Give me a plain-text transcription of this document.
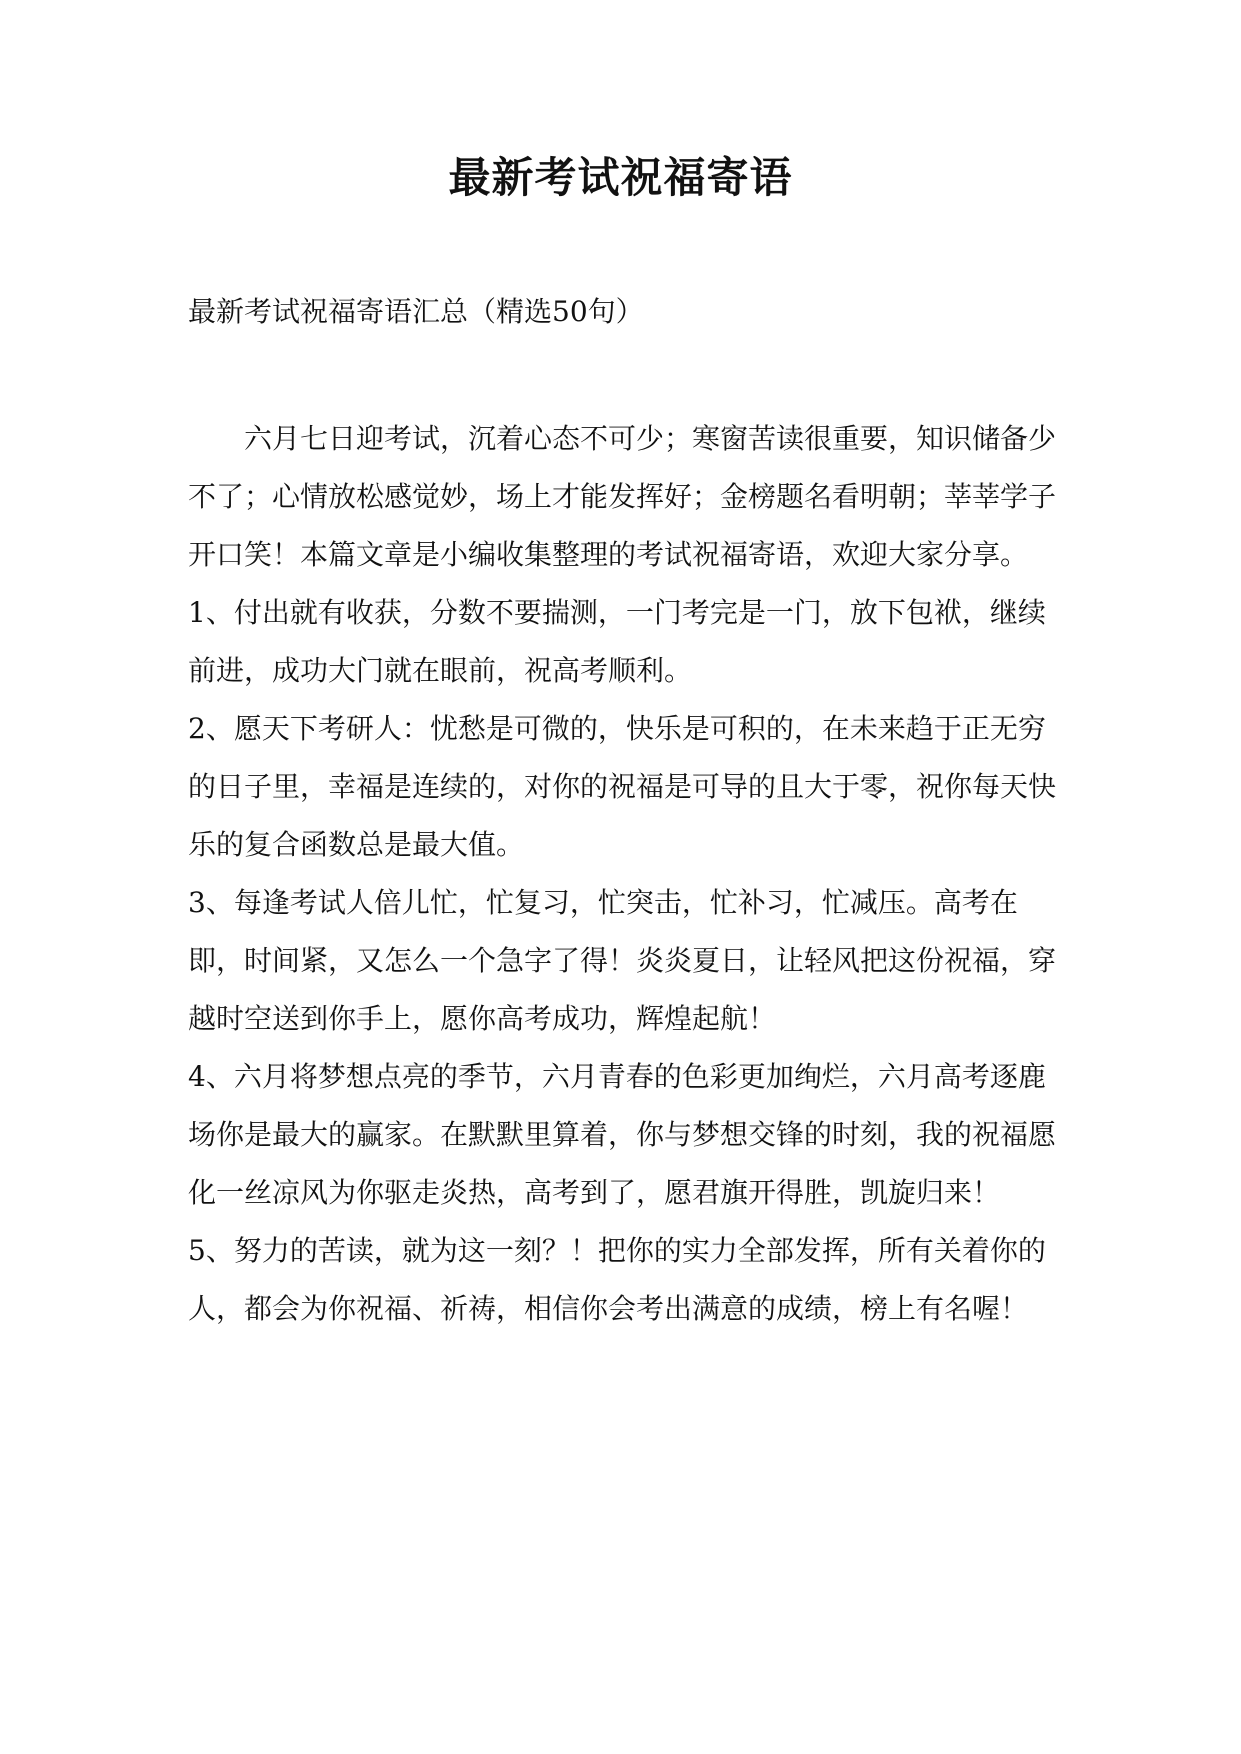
最新考试祝福寄语

最新考试祝福寄语汇总（精选50句）

六月七日迎考试，沉着心态不可少；寒窗苦读很重要，知识储备少不了；心情放松感觉妙，场上才能发挥好；金榜题名看明朝；莘莘学子开口笑！本篇文章是小编收集整理的考试祝福寄语，欢迎大家分享。

1、付出就有收获，分数不要揣测，一门考完是一门，放下包袱，继续前进，成功大门就在眼前，祝高考顺利。

2、愿天下考研人：忧愁是可微的，快乐是可积的，在未来趋于正无穷的日子里，幸福是连续的，对你的祝福是可导的且大于零，祝你每天快乐的复合函数总是最大值。

3、每逢考试人倍儿忙，忙复习，忙突击，忙补习，忙减压。高考在即，时间紧，又怎么一个急字了得！炎炎夏日，让轻风把这份祝福，穿越时空送到你手上，愿你高考成功，辉煌起航！

4、六月将梦想点亮的季节，六月青春的色彩更加绚烂，六月高考逐鹿场你是最大的赢家。在默默里算着，你与梦想交锋的时刻，我的祝福愿化一丝凉风为你驱走炎热，高考到了，愿君旗开得胜，凯旋归来！

5、努力的苦读，就为这一刻？！把你的实力全部发挥，所有关着你的人，都会为你祝福、祈祷，相信你会考出满意的成绩，榜上有名喔！
